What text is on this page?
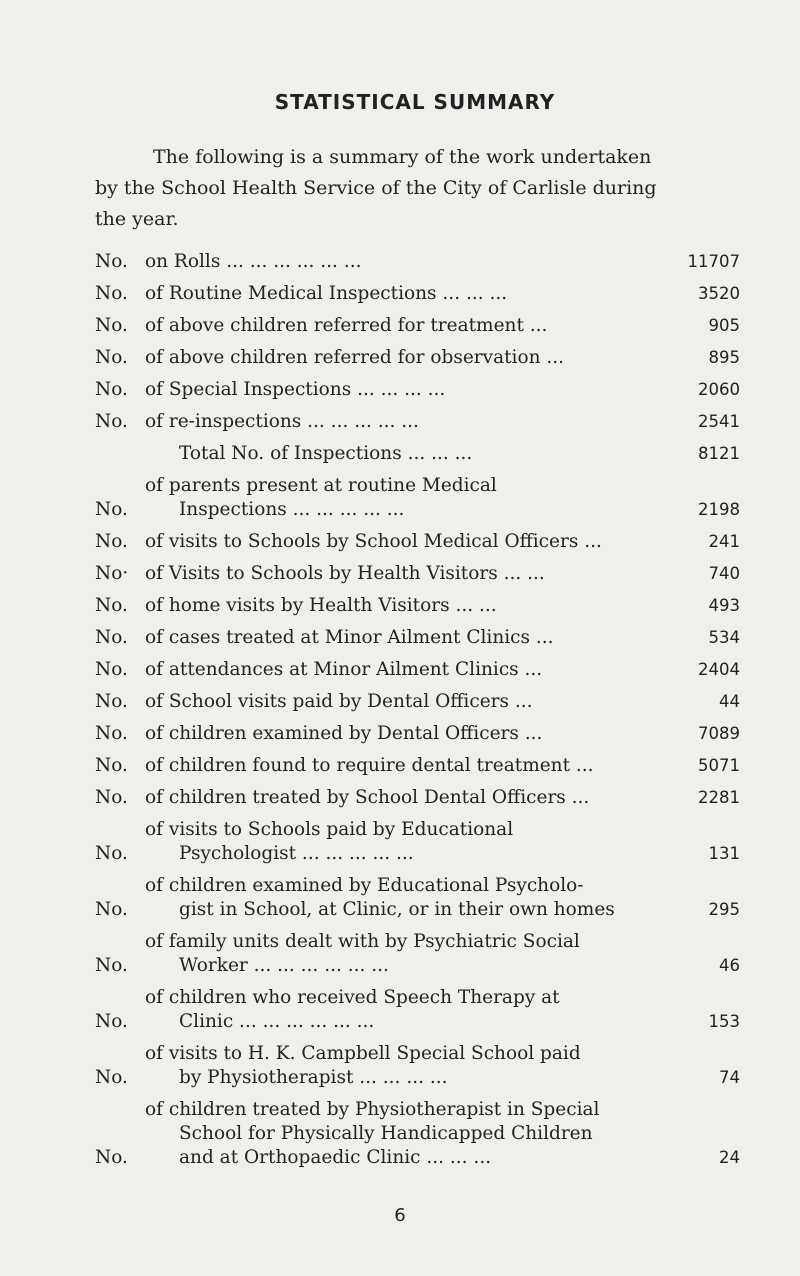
STATISTICAL SUMMARY
The following is a summary of the work undertaken
by the School Health Service of the City of Carlisle during
the year.
No. on Rolls ... ... ... ... ... ...	11707
No. of Routine Medical Inspections ... ... ...	3520
No. of above children referred for treatment ...	905
No. of above children referred for observation ...	895
No. of Special Inspections ... ... ... ...	2060
No. of re-inspections ... ... ... ... ...	2541
Total No. of Inspections ... ... ...	8121
No.
of parents present at routine Medical
Inspections ... ... ... ... ...	2198
No. of visits to Schools by School Medical Officers ...	241
No· of Visits to Schools by Health Visitors ... ...	740
No. of home visits by Health Visitors ... ...	493
No. of cases treated at Minor Ailment Clinics ...	534
No. of attendances at Minor Ailment Clinics ...	2404
No. of School visits paid by Dental Officers ...	44
No. of children examined by Dental Officers ...	7089
No. of children found to require dental treatment ...	5071
No. of children treated by School Dental Officers ...	2281
No.
of visits to Schools paid by Educational
Psychologist ... ... ... ... ...	131
No.
of children examined by Educational Psycholo-
gist in School, at Clinic, or in their own homes	295
No.
of family units dealt with by Psychiatric Social
Worker ... ... ... ... ... ...	46
No.
of children who received Speech Therapy at
Clinic ... ... ... ... ... ...	153
No.
of visits to H. K. Campbell Special School paid
by Physiotherapist ... ... ... ...	74
No.
of children treated by Physiotherapist in Special
School for Physically Handicapped Children
and at Orthopaedic Clinic ... ... ...	24
6
